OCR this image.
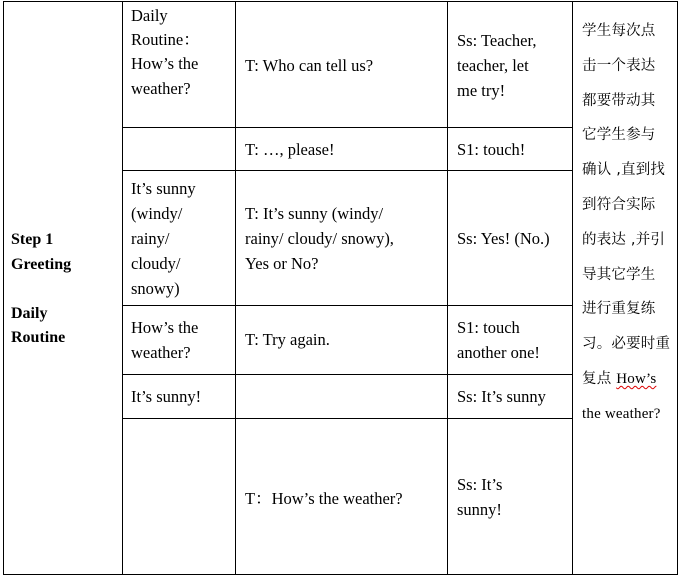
Step 1
Greeting
Daily
Routine
Daily
Routine：
How’s the
weather?
T: Who can tell us?
Ss: Teacher,
teacher, let
me try!
T: …, please!	S1: touch!
It’s sunny
(windy/
rainy/
cloudy/
snowy)
T: It’s sunny (windy/
rainy/ cloudy/ snowy),
Yes or No?
Ss: Yes! (No.)
How’s the
weather?
T: Try again.
S1: touch
another one!
It’s sunny!	Ss: It’s sunny
T：How’s the weather?
Ss: It’s
sunny!
学生每次点
击一个表达
都要带动其
它学生参与
确认 ,直到找
到符合实际
的表达 ,并引
导其它学生
进行重复练
习。必要时重
复点 How’s
the weather?
